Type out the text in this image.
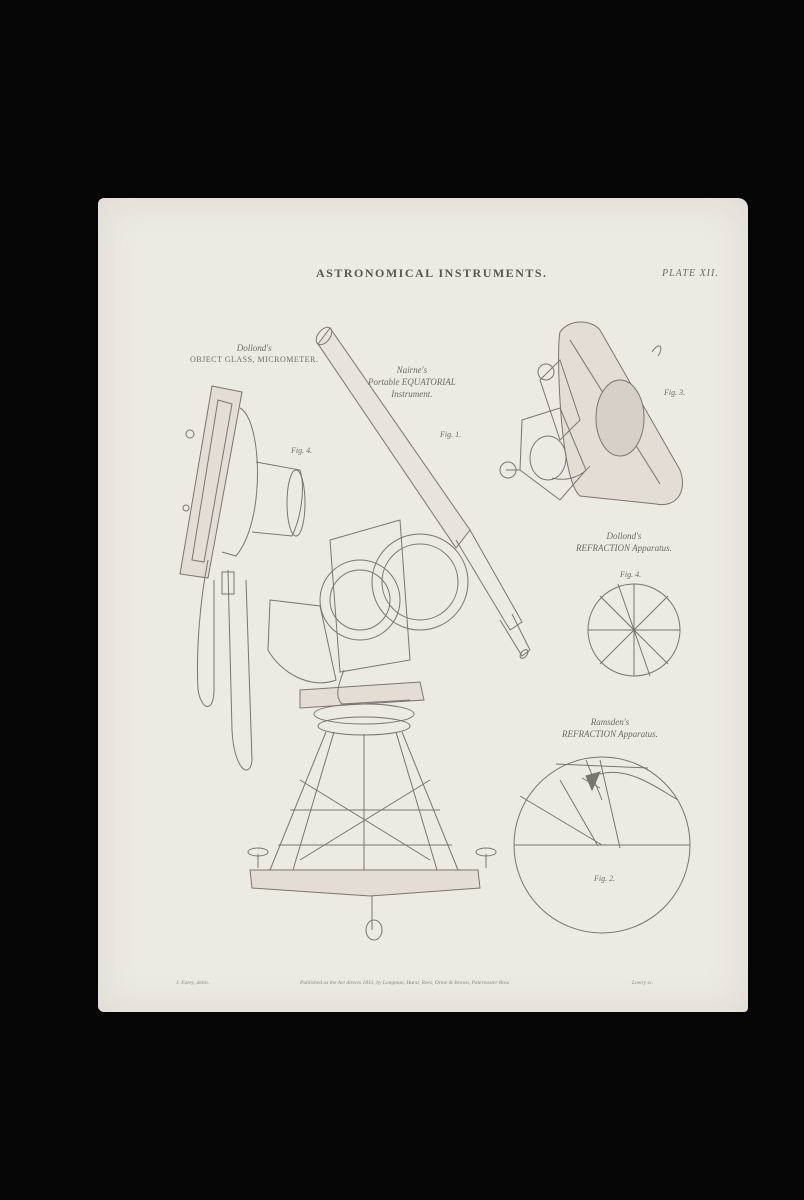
ASTRONOMICAL INSTRUMENTS.	PLATE XII.
Dollond's
OBJECT GLASS, MICROMETER.
Fig. 4.
Nairne's
Portable EQUATORIAL
Instrument.
Fig. 1.
Fig. 3.
Dollond's
REFRACTION Apparatus.
Fig. 4.
Ramsden's
REFRACTION Apparatus.
Fig. 2.
J. Farey, delin.	Published as the Act directs 1815, by Longman, Hurst, Rees, Orme & Brown, Paternoster Row.	Lowry sc.
